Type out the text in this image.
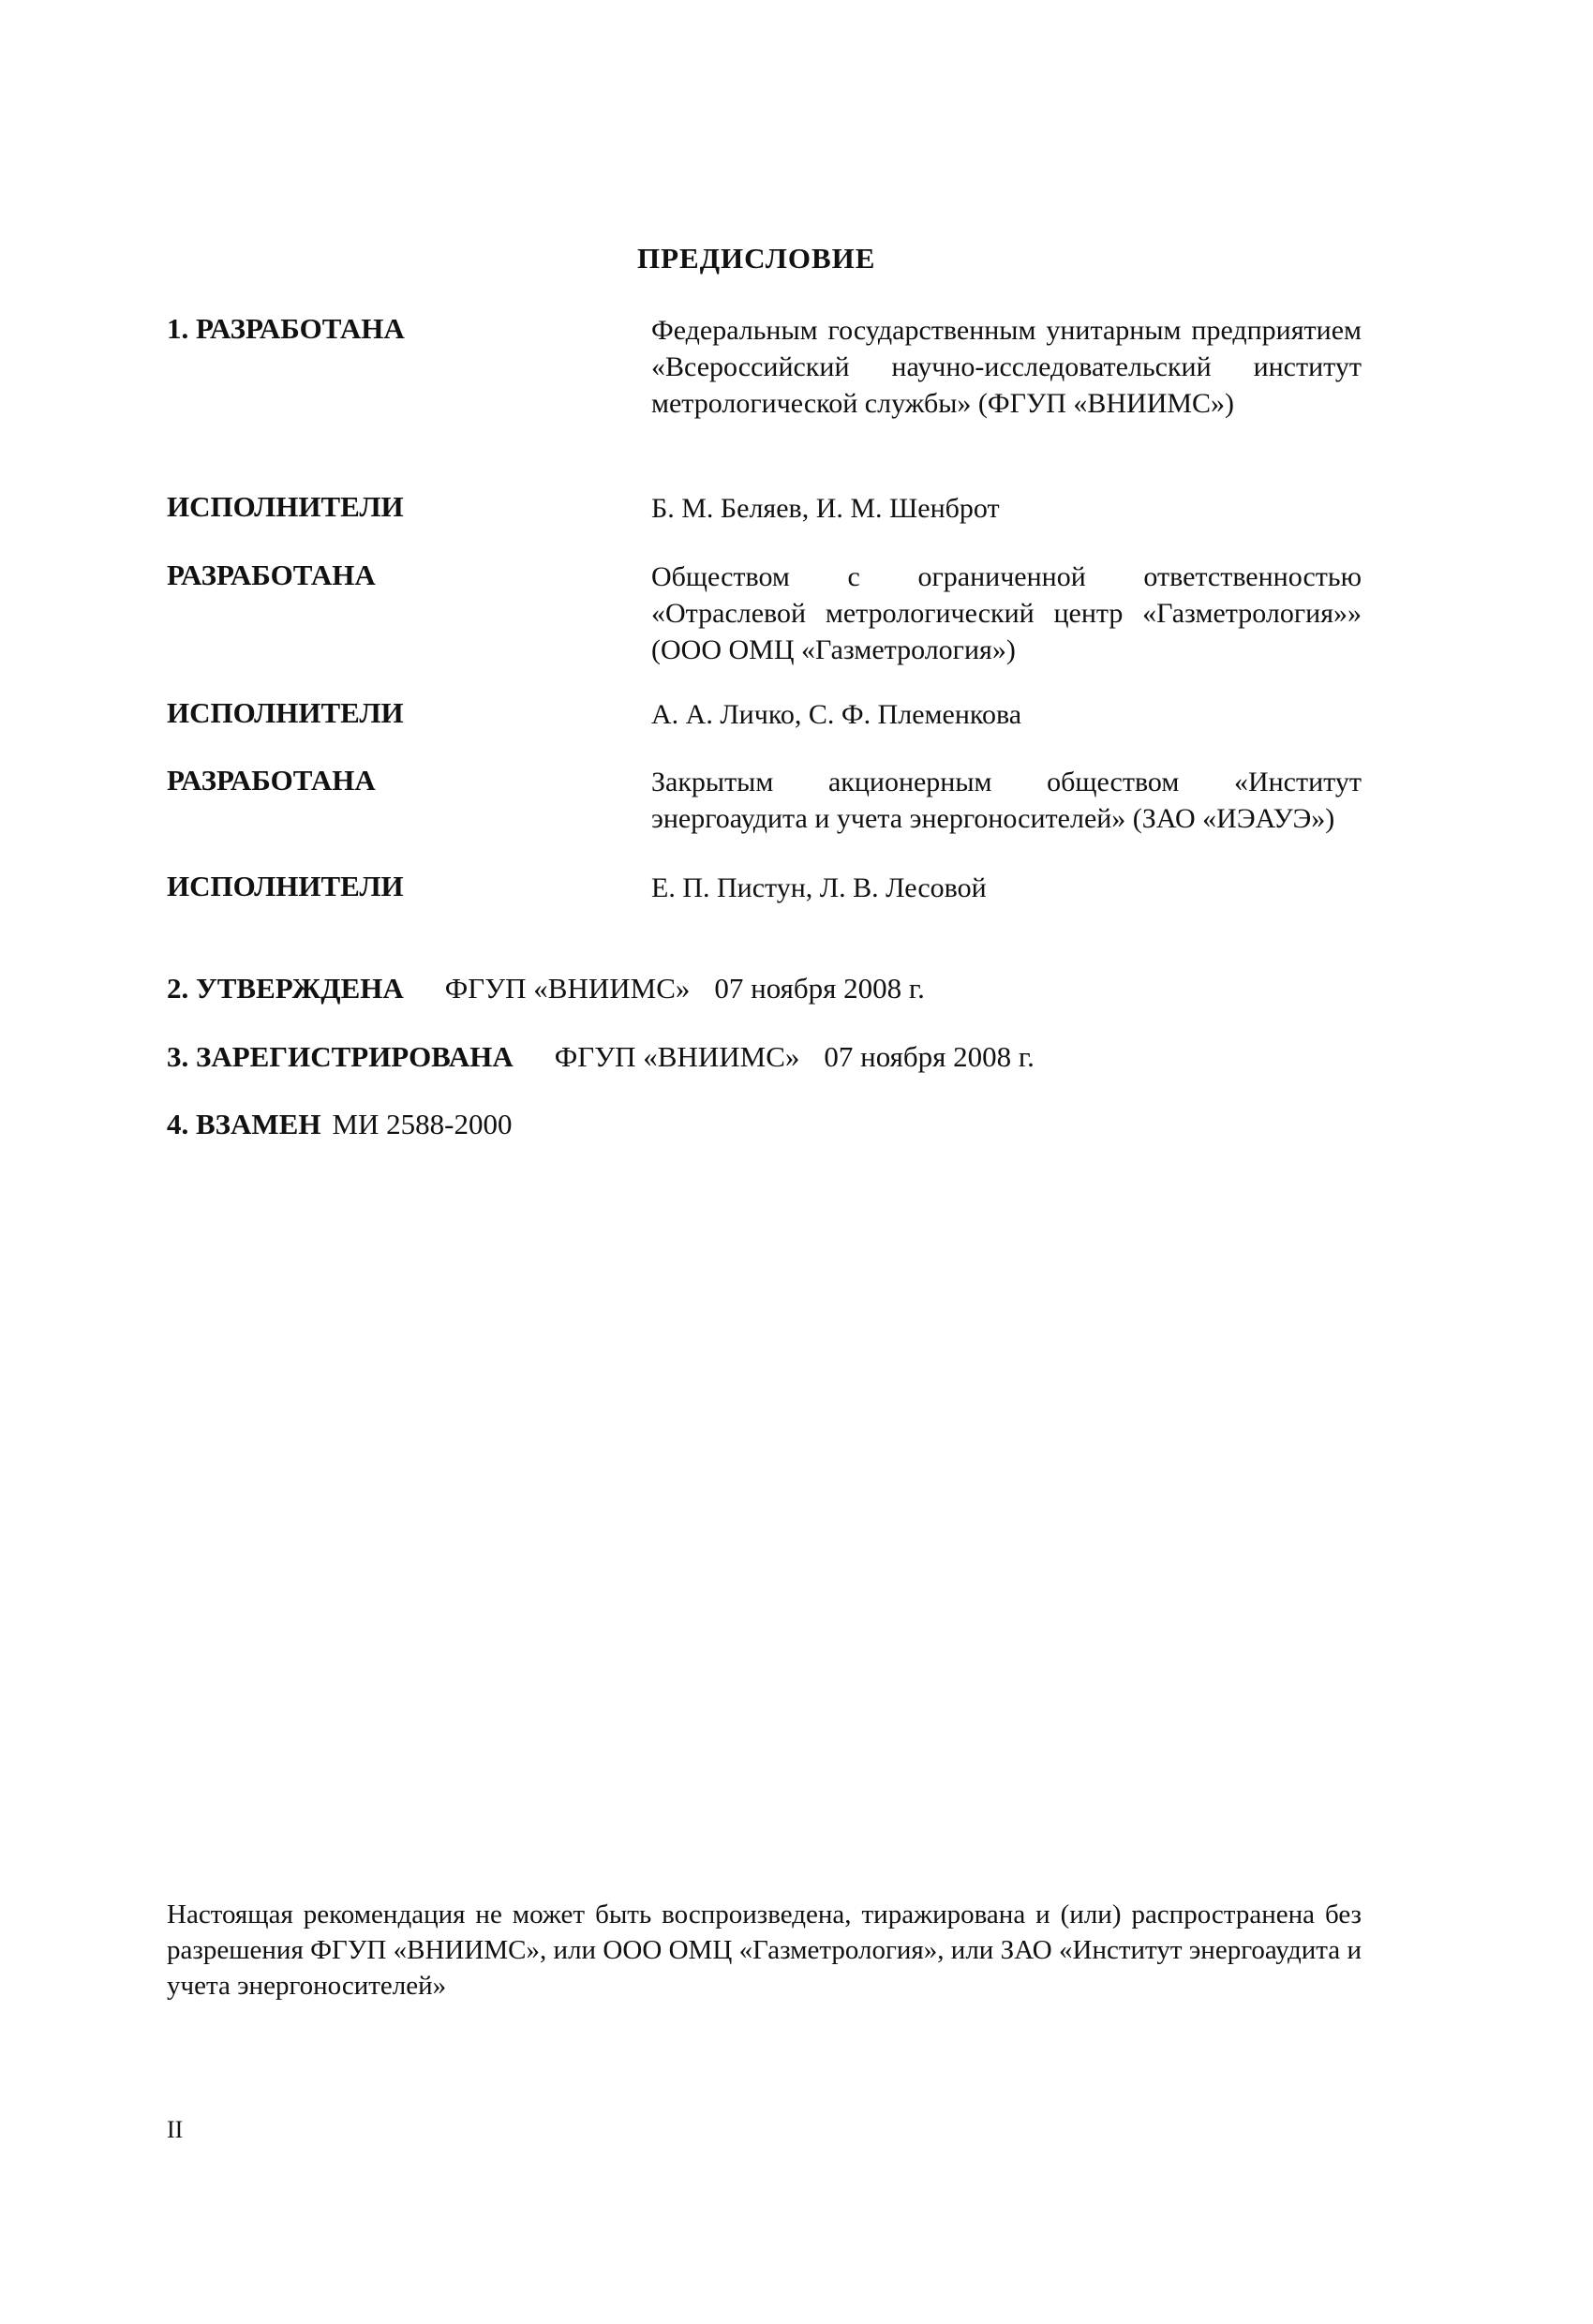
ПРЕДИСЛОВИЕ
1. РАЗРАБОТАНА	Федеральным государственным унитарным предприятием «Всероссийский научно-исследовательский институт метрологической службы» (ФГУП «ВНИИМС»)
ИСПОЛНИТЕЛИ	Б. М. Беляев, И. М. Шенброт
РАЗРАБОТАНА	Обществом с ограниченной ответственностью «Отраслевой метрологический центр «Газметрология»» (ООО ОМЦ «Газметрология»)
ИСПОЛНИТЕЛИ	А. А. Личко, С. Ф. Племенкова
РАЗРАБОТАНА	Закрытым акционерным обществом «Институт энергоаудита и учета энергоносителей» (ЗАО «ИЭАУЭ»)
ИСПОЛНИТЕЛИ	Е. П. Пистун, Л. В. Лесовой
2. УТВЕРЖДЕНА ФГУП «ВНИИМС» 07 ноября 2008 г.
3. ЗАРЕГИСТРИРОВАНА ФГУП «ВНИИМС» 07 ноября 2008 г.
4. ВЗАМЕН МИ 2588-2000
Настоящая рекомендация не может быть воспроизведена, тиражирована и (или) распространена без разрешения ФГУП «ВНИИМС», или ООО ОМЦ «Газметрология», или ЗАО «Институт энергоаудита и учета энергоносителей»
II
